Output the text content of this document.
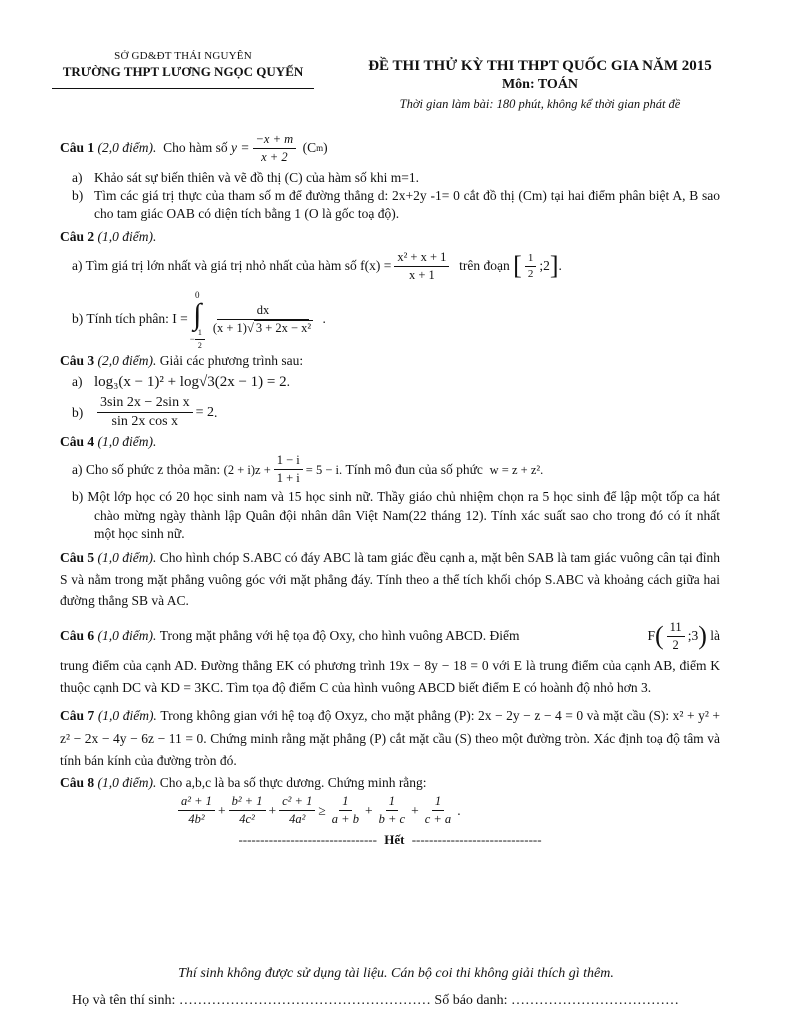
SỞ GD&ĐT THÁI NGUYÊN
TRƯỜNG THPT LƯƠNG NGỌC QUYẾN	ĐỀ THI THỬ KỲ THI THPT QUỐC GIA NĂM 2015
Môn: TOÁN
Thời gian làm bài: 180 phút, không kể thời gian phát đề
Câu 1
(2,0 điểm).
Cho hàm số
$y = \frac{-x + m}{x + 2}$
(C m )
a) Khảo sát sự biến thiên và vẽ đồ thị (C) của hàm số khi m=1.
b) Tìm các giá trị thực của tham số m để đường thẳng d: 2x+2y -1= 0 cắt đồ thị (Cm) tại hai điểm phân biệt A, B sao cho tam giác OAB có diện tích bằng 1 (O là gốc toạ độ).
Câu 2 (1,0 điểm).
a) Tìm giá trị lớn nhất và giá trị nhỏ nhất của hàm số
$f(x) = \frac{\text{x² + x + 1}}{x + 1}$
trên đoạn
[ $\frac{1}{2}$ ;2 ] .
b) Tính tích phân:
I =
0
∫
− $\frac{1}{2}$
$\frac{dx}{\text{(x + 1)√ 3 + 2x − x²}}$
.
Câu 3 (2,0 điểm). Giải các phương trình sau:
a) log₃(x − 1)² + log√3(2x − 1) = 2 .
$b) \frac{\text{3sin 2x − 2sin x}}{\text{sin 2x cos x}} = 2$ .
Câu 4 (1,0 điểm).
a) Cho số phức z thỏa mãn:
$(2 + i)z + \frac{1 - i}{1 + i} = 5 - i$.
Tính mô đun của số phức
w = z + z².
b) Một lớp học có 20 học sinh nam và 15 học sinh nữ. Thầy giáo chủ nhiệm chọn ra 5 học sinh để lập một tốp ca hát chào mừng ngày thành lập Quân đội nhân dân Việt Nam(22 tháng 12). Tính xác suất sao cho trong đó có ít nhất một học sinh nữ.
Câu 5 (1,0 điểm). Cho hình chóp S.ABC có đáy ABC là tam giác đều cạnh a, mặt bên SAB là tam giác vuông cân tại đỉnh S và nằm trong mặt phẳng vuông góc với mặt phẳng đáy. Tính theo a thể tích khối chóp S.ABC và khoảng cách giữa hai đường thẳng SB và AC.
Câu 6 (1,0 điểm). Trong mặt phẳng với hệ tọa độ Oxy, cho hình vuông ABCD. Điểm	F ( $\frac{11}{2}$ ;3 )
là
trung điểm của cạnh AD. Đường thẳng EK có phương trình 19x − 8y − 18 = 0 với E là trung điểm của cạnh AB, điểm K thuộc cạnh DC và KD = 3KC. Tìm tọa độ điểm C của hình vuông ABCD biết điểm E có hoành độ nhỏ hơn 3.
Câu 7 (1,0 điểm). Trong không gian với hệ toạ độ Oxyz, cho mặt phẳng (P): 2x − 2y − z − 4 = 0 và mặt cầu (S): x² + y² + z² − 2x − 4y − 6z − 11 = 0. Chứng minh rằng mặt phẳng (P) cắt mặt cầu (S) theo một đường tròn. Xác định toạ độ tâm và tính bán kính của đường tròn đó.
Câu 8 (1,0 điểm). Cho a,b,c là ba số thực dương. Chứng minh rằng:
$\frac{\text{a² + 1}}{\text{4b²}} + \frac{\text{b² + 1}}{\text{4c²}} + \frac{\text{c² + 1}}{\text{4a²}} \ge \frac{1}{a + b} + \frac{1}{b + c} + \frac{1}{c + a}$ .
-------------------------------- Hết ------------------------------
Thí sinh không được sử dụng tài liệu. Cán bộ coi thi không giải thích gì thêm.
Họ và tên thí sinh: ……………………………………………… Số báo danh: ………………………………
